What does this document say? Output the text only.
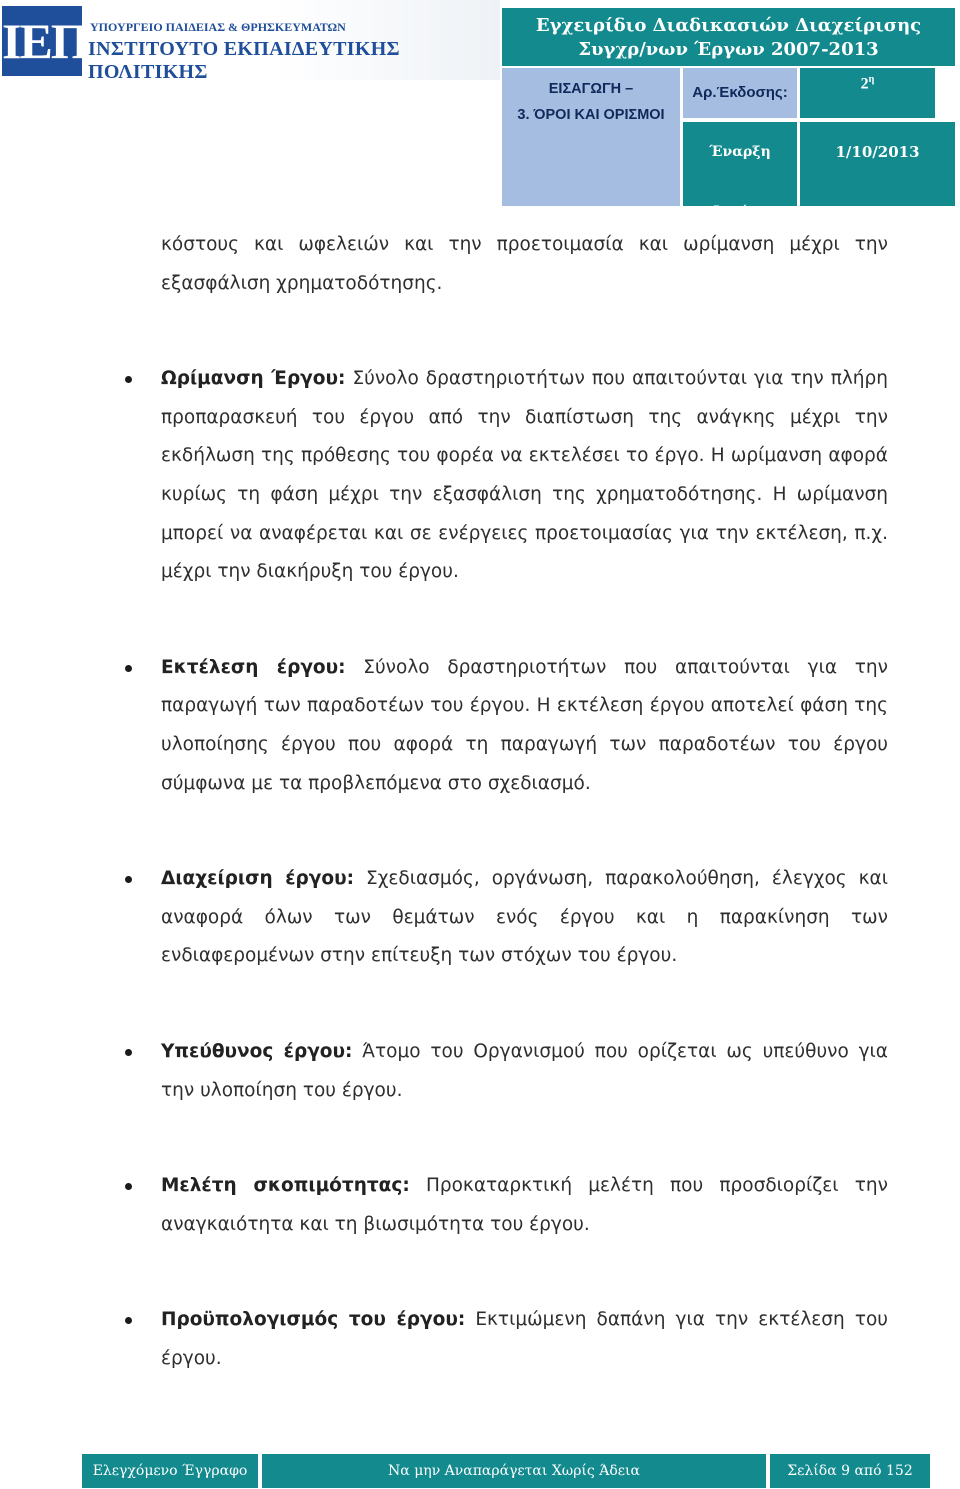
ΙΕΠ ΥΠΟΥΡΓΕΙΟ ΠΑΙΔΕΙΑΣ & ΘΡΗΣΚΕΥΜΑΤΩΝ
ΙΝΣΤΙΤΟΥΤΟ ΕΚΠΑΙΔΕΥΤΙΚΗΣ ΠΟΛΙΤΙΚΗΣ
Εγχειρίδιο Διαδικασιών Διαχείρισης
Συγχρ/νων Έργων 2007-2013
ΕΙΣΑΓΩΓΗ –
3. ΌΡΟΙ ΚΑΙ ΟΡΙΣΜΟΙ
Αρ.Έκδοσης:
$2^\eta$
Έναρξη Ισχύος
1/10/2013

κόστους και ωφελειών και την προετοιμασία και ωρίμανση μέχρι την εξασφάλιση χρηματοδότησης.

Ωρίμανση Έργου: Σύνολο δραστηριοτήτων που απαιτούνται για την πλήρη προπαρασκευή του έργου από την διαπίστωση της ανάγκης μέχρι την εκδήλωση της πρόθεσης του φορέα να εκτελέσει το έργο. Η ωρίμανση αφορά κυρίως τη φάση μέχρι την εξασφάλιση της χρηματοδότησης. Η ωρίμανση μπορεί να αναφέρεται και σε ενέργειες προετοιμασίας για την εκτέλεση, π.χ. μέχρι την διακήρυξη του έργου.

Εκτέλεση έργου: Σύνολο δραστηριοτήτων που απαιτούνται για την παραγωγή των παραδοτέων του έργου. Η εκτέλεση έργου αποτελεί φάση της υλοποίησης έργου που αφορά τη παραγωγή των παραδοτέων του έργου σύμφωνα με τα προβλεπόμενα στο σχεδιασμό.

Διαχείριση έργου: Σχεδιασμός, οργάνωση, παρακολούθηση, έλεγχος και αναφορά όλων των θεμάτων ενός έργου και η παρακίνηση των ενδιαφερομένων στην επίτευξη των στόχων του έργου.

Υπεύθυνος έργου: Άτομο του Οργανισμού που ορίζεται ως υπεύθυνο για την υλοποίηση του έργου.

Μελέτη σκοπιμότητας: Προκαταρκτική μελέτη που προσδιορίζει την αναγκαιότητα και τη βιωσιμότητα του έργου.

Προϋπολογισμός του έργου: Εκτιμώμενη δαπάνη για την εκτέλεση του έργου.

Ελεγχόμενο Έγγραφο	Να μην Αναπαράγεται Χωρίς Άδεια	Σελίδα 9 από 152
